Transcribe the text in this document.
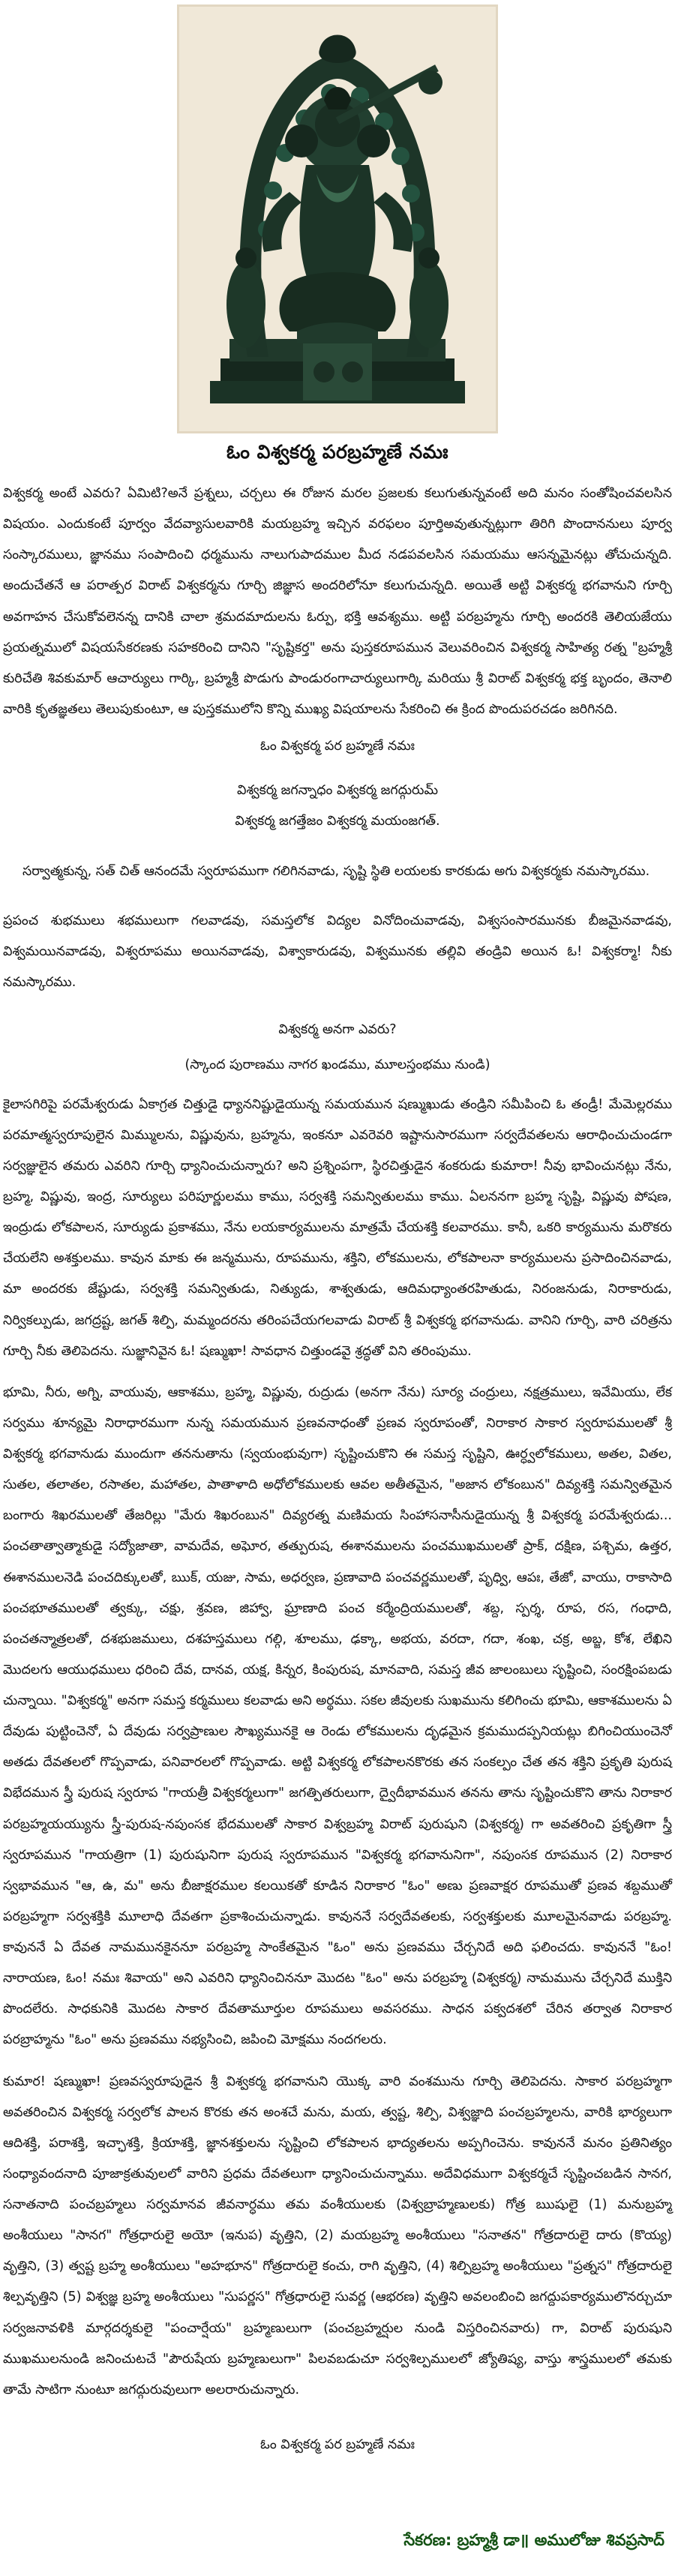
ఓం విశ్వకర్మ పరబ్రహ్మణే నమః

విశ్వకర్మ అంటే ఎవరు? ఏమిటి?అనే ప్రశ్నలు, చర్చలు ఈ రోజున మరల ప్రజలకు కలుగుతున్నవంటే అది మనం సంతోషించవలసిన విషయం. ఎందుకంటే పూర్వం వేదవ్యాసులవారికి మయబ్రహ్మ ఇచ్చిన వరఫలం పూర్తిఅవుతున్నట్లుగా తిరిగి పొందాననులు పూర్వ సంస్కారములు, జ్ఞానము సంపాదించి ధర్మమును నాలుగుపాదముల మీద నడపవలసిన సమయము ఆసన్నమైనట్లు తోచుచున్నది. అందుచేతనే ఆ పరాత్పర విరాట్ విశ్వకర్మను గూర్చి జిజ్ఞాస అందరిలోనూ కలుగుచున్నది. అయితే అట్టి విశ్వకర్మ భగవానుని గూర్చి అవగాహన చేసుకోవలెనన్న దానికి చాలా శ్రమదమాదులను ఓర్పు, భక్తి ఆవశ్యము. అట్టి పరబ్రహ్మను గూర్చి అందరకి తెలియజేయు ప్రయత్నములో విషయసేకరణకు సహకరించి దానిని "సృష్టికర్త" అను పుస్తకరూపమున వెలువరించిన విశ్వకర్మ సాహిత్య రత్న "బ్రహ్మశ్రీ కురిచేతి శివకుమార్ ఆచార్యులు గార్కి, బ్రహ్మశ్రీ పొడుగు పాండురంగాచార్యులుగార్కి మరియు శ్రీ విరాట్ విశ్వకర్మ భక్త బృందం, తెనాలి వారికి కృతజ్ఞతలు తెలుపుకుంటూ, ఆ పుస్తకములోని కొన్ని ముఖ్య విషయాలను సేకరించి ఈ క్రింద పొందుపరచడం జరిగినది.

ఓం విశ్వకర్మ పర బ్రహ్మణే నమః

విశ్వకర్మ జగన్నాధం విశ్వకర్మ జగద్గురుమ్

విశ్వకర్మ జగత్తేజం విశ్వకర్మ మయంజగత్.

సర్వాత్మకున్న, సత్ చిత్ ఆనందమే స్వరూపముగా గలిగినవాడు, సృష్టి స్థితి లయలకు కారకుడు అగు విశ్వకర్మకు నమస్కారము.

ప్రపంచ శుభములు శభములుగా గలవాడవు, సమస్తలోక విద్యల వినోదించువాడవు, విశ్వసంసారమునకు బీజమైనవాడవు, విశ్వమయినవాడవు, విశ్వరూపము అయినవాడవు, విశ్వాకారుడవు, విశ్వమునకు తల్లివి తండ్రివి అయిన ఓ! విశ్వకర్మా! నీకు నమస్కారము.

విశ్వకర్మ అనగా ఎవరు?

(స్కాంద పురాణము నాగర ఖండము, మూలస్తంభము నుండి)

కైలాసగిరిపై పరమేశ్వరుడు ఏకాగ్రత చిత్తుడై ధ్యాననిష్టుడైయున్న సమయమున షణ్ముఖుడు తండ్రిని సమీపించి ఓ తండ్రీ! మేమెల్లరము పరమాత్మస్వరూపులైన మిమ్ములను, విష్ణువును, బ్రహ్మను, ఇంకనూ ఎవరెవరి ఇష్టానుసారముగా సర్వదేవతలను ఆరాధించుచుండగా సర్వజ్ఞులైన తమరు ఎవరిని గూర్చి ధ్యానించుచున్నారు? అని ప్రశ్నింపగా, స్థిరచిత్తుడైన శంకరుడు కుమారా! నీవు భావించునట్లు నేను, బ్రహ్మ, విష్ణువు, ఇంద్ర, సూర్యులు పరిపూర్ణులము కాము, సర్వశక్తి సమన్వితులము కాము. ఏలననగా బ్రహ్మ సృష్టి, విష్ణువు పోషణ, ఇంద్రుడు లోకపాలన, సూర్యుడు ప్రకాశము, నేను లయకార్యములను మాత్రమే చేయశక్తి కలవారము. కానీ, ఒకరి కార్యమును మరొకరు చేయలేని అశక్తులము. కావున మాకు ఈ జన్మమును, రూపమును, శక్తిని, లోకములను, లోకపాలనా కార్యములను ప్రసాదించినవాడు, మా అందరకు జేష్టుడు, సర్వశక్తి సమన్వితుడు, నిత్యుడు, శాశ్వతుడు, ఆదిమధ్యాంతరహితుడు, నిరంజనుడు, నిరాకారుడు, నిర్వికల్పుడు, జగద్రష్ట, జగత్ శిల్పి, మమ్మందరను తరింపచేయగలవాడు విరాట్ శ్రీ విశ్వకర్మ భగవానుడు. వానిని గూర్చి, వారి చరిత్రను గూర్చి నీకు తెలిపెదను. సుజ్ఞానివైన ఓ! షణ్ముఖా! సావధాన చిత్తుండవై శ్రద్ధతో విని తరింపుము.

భూమి, నీరు, అగ్ని, వాయువు, ఆకాశము, బ్రహ్మ, విష్ణువు, రుద్రుడు (అనగా నేను) సూర్య చంద్రులు, నక్షత్రములు, ఇవేమియు, లేక సర్వము శూన్యమై నిరాధారముగా నున్న సమయమున ప్రణవనాధంతో ప్రణవ స్వరూపంతో, నిరాకార సాకార స్వరూపములతో శ్రీ విశ్వకర్మ భగవానుడు ముందుగా తననుతాను (స్వయంభువుగా) సృష్టించుకొని ఈ సమస్త సృష్టిని, ఊర్ధ్వలోకములు, అతల, వితల, సుతల, తలాతల, రసాతల, మహాతల, పాతాళాది అధోలోకములకు ఆవల అతీతమైన, "అజాన లోకంబున" దివ్యశక్తి సమన్వితమైన బంగారు శిఖరములతో తేజరిల్లు "మేరు శిఖరంబున" దివ్యరత్న మణిమయ సింహాసనాసీనుడైయున్న శ్రీ విశ్వకర్మ పరమేశ్వరుడు... పంచతాత్వాత్మాకుడై సద్యోజాతా, వామదేవ, అఘోర, తత్పురుష, ఈశానములను పంచముఖములతో ప్రాక్, దక్షిణ, పశ్చిమ, ఉత్తర, ఈశానములనెడి పంచదిక్కులతో, ఋక్, యజు, సామ, అధర్వణ, ప్రణావాది పంచవర్ణములతో, పృధ్వి, ఆపః, తేజో, వాయు, రాకాసాది పంచభూతములతో త్వక్కు, చక్షు, శ్రవణ, జిహ్వా, ఘ్రాణాది పంచ కర్మేంద్రియములతో, శబ్ద, స్పర్శ, రూప, రస, గంధాది, పంచతన్మాత్రలతో, దశభుజములు, దశహస్తములు గల్గి, శూలము, ఢక్కా, అభయ, వరదా, గదా, శంఖ, చక్ర, అబ్జ, కోశ, లేఖిని మొదలగు ఆయుధములు ధరించి దేవ, దానవ, యక్ష, కిన్నర, కింపురుష, మానవాది, సమస్త జీవ జాలంబులు సృష్టించి, సంరక్షింపబడు చున్నాయి. "విశ్వకర్మ" అనగా సమస్త కర్మములు కలవాడు అని అర్థము. సకల జీవులకు సుఖమును కలిగించు భూమి, ఆకాశములను ఏ దేవుడు పుట్టించెనో, ఏ దేవుడు సర్వప్రాణుల సౌఖ్యమునకై ఆ రెండు లోకములను దృఢమైన క్రమముదప్పనియట్లు బిగించియుంచెనో అతడు దేవతలలో గొప్పవాడు, పనివారలలో గొప్పవాడు. అట్టి విశ్వకర్మ లోకపాలనకొరకు తన సంకల్పం చేత తన శక్తిని ప్రకృతి పురుష విభేదమున స్త్రీ పురుష స్వరూప "గాయత్రీ విశ్వకర్మలుగా" జగత్పితరులుగా, ద్వైదీభావమున తనను తాను సృష్టించుకొని తాను నిరాకార పరబ్రహ్మయయ్యును స్త్రీ-పురుష-నపుంసక భేదములతో సాకార విశ్వబ్రహ్మ విరాట్ పురుషుని (విశ్వకర్మ) గా అవతరించి ప్రకృతిగా స్త్రీ స్వరూపమున "గాయత్రిగా (1) పురుషునిగా పురుష స్వరూపమున "విశ్వకర్మ భగవానునిగా", నపుంసక రూపమున (2) నిరాకార స్వభావమున "ఆ, ఉ, మ" అను బీజాక్షరముల కలయికతో కూడిన నిరాకార "ఓం" అణు ప్రణవాక్షర రూపముతో ప్రణవ శబ్దముతో పరబ్రహ్మగా సర్వశక్తికి మూలాధి దేవతగా ప్రకాశించుచున్నాడు. కావుననే సర్వదేవతలకు, సర్వశక్తులకు మూలమైనవాడు పరబ్రహ్మ. కావుననే ఏ దేవత నామమునకైననూ పరబ్రహ్మ సాంకేతమైన "ఓం" అను ప్రణవము చేర్చనిదే అది ఫలించదు. కావుననే "ఓం! నారాయణ, ఓం! నమః శివాయ" అని ఎవరిని ధ్యానించిననూ మొదట "ఓం" అను పరబ్రహ్మ (విశ్వకర్మ) నామమును చేర్చనిదే ముక్తిని పొందలేరు. సాధకునికి మొదట సాకార దేవతామూర్తుల రూపములు అవసరము. సాధన పక్వదశలో చేరిన తర్వాత నిరాకార పరబ్రాహ్మను "ఓం" అను ప్రణవము నభ్యసించి, జపించి మోక్షము నందగలరు.

కుమార! షణ్ముఖా! ప్రణవస్వరూపుడైన శ్రీ విశ్వకర్మ భగవానుని యొక్క వారి వంశమును గూర్చి తెలిపెదను. సాకార పరబ్రహ్మగా అవతరించిన విశ్వకర్మ సర్వలోక పాలన కొరకు తన అంశచే మను, మయ, త్వష్ట, శిల్పి, విశ్వజ్ఞాది పంచబ్రహ్మలను, వారికి భార్యలుగా ఆదిశక్తి, పరాశక్తి, ఇచ్ఛాశక్తి, క్రియాశక్తి, జ్ఞానశక్తులను సృష్టించి లోకపాలన భాద్యతలను అప్పగించెను. కావుననే మనం ప్రతినిత్యం సంధ్యావందనాది పూజాక్రతువులలో వారిని ప్రధమ దేవతలుగా ధ్యానించుచున్నాము. అదేవిధముగా విశ్వకర్మచే సృష్టించబడిన సానగ, సనాతనాది పంచబ్రహ్మలు సర్వమానవ జీవనార్ధము తమ వంశీయులకు (విశ్వబ్రాహ్మణులకు) గోత్ర ఋషులై (1) మనుబ్రహ్మ అంశీయులు "సానగ" గోత్రధారులై అయో (ఇనుప) వృత్తిని, (2) మయబ్రహ్మ అంశీయులు "సనాతన" గోత్రదారులై దారు (కొయ్య) వృత్తిని, (3) త్వష్ట బ్రహ్మ అంశీయులు "అహభూన" గోత్రదారులై కంచు, రాగి వృత్తిని, (4) శిల్పిబ్రహ్మ అంశీయులు "ప్రత్నస" గోత్రదారులై శిల్పవృత్తిని (5) విశ్వజ్ఞ బ్రహ్మ అంశీయులు "సుపర్ణస" గోత్రధారులై సువర్ణ (ఆభరణ) వృత్తిని అవలంబించి జగద్దుపకార్యములొనర్చుచూ సర్వజనావళికి మార్గదర్శకులై "పంచార్షేయ" బ్రహ్మణులుగా (పంచబ్రహ్మర్షుల నుండి విస్తరించినవారు) గా, విరాట్ పురుషుని ముఖములనుండి జనించుటచే "పౌరుషేయ బ్రహ్మణులుగా" పిలవబడుచూ సర్వశిల్పములలో జ్యోతిష్య, వాస్తు శాస్త్రములలో తమకు తామే సాటిగా నుంటూ జగద్గురువులుగా అలరారుచున్నారు.

ఓం విశ్వకర్మ పర బ్రహ్మణే నమః

సేకరణ: బ్రహ్మశ్రీ డా॥ అములోజు శివప్రసాద్
